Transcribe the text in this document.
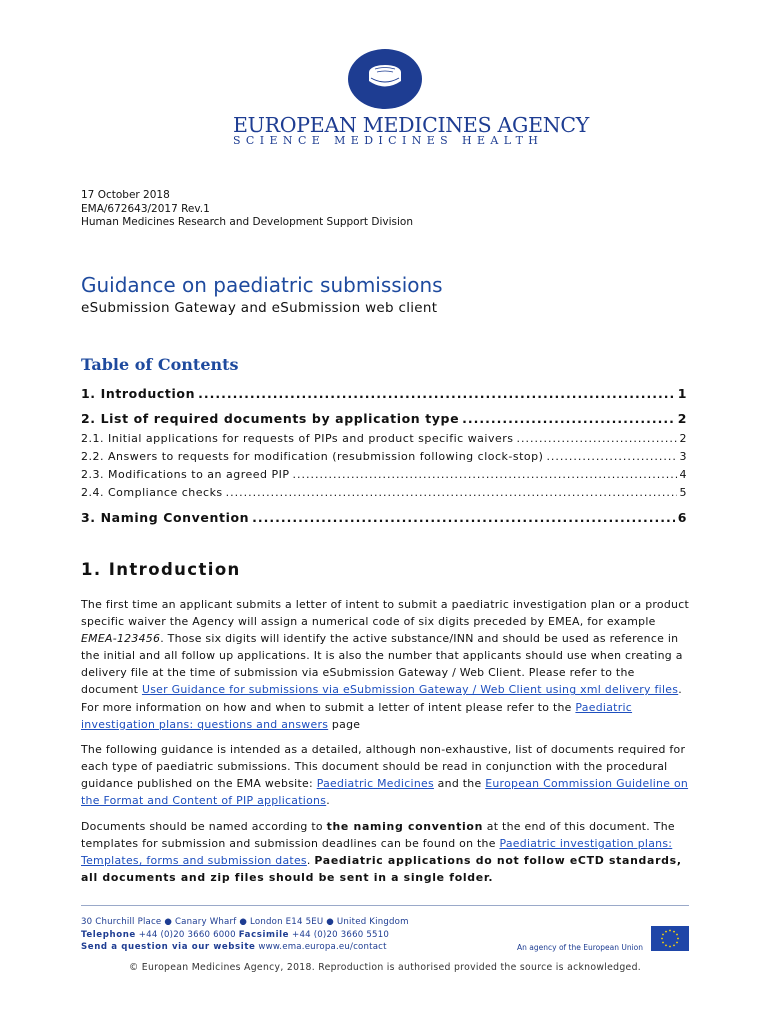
EUROPEAN MEDICINES AGENCY
SCIENCE MEDICINES HEALTH
17 October 2018
EMA/672643/2017 Rev.1
Human Medicines Research and Development Support Division
Guidance on paediatric submissions
eSubmission Gateway and eSubmission web client
Table of Contents
1. Introduction .....	1
2. List of required documents by application type .....	2
2.1. Initial applications for requests of PIPs and product specific waivers .....	2
2.2. Answers to requests for modification (resubmission following clock-stop) .....	3
2.3. Modifications to an agreed PIP .....	4
2.4. Compliance checks .....	5
3. Naming Convention .....	6
1. Introduction
The first time an applicant submits a letter of intent to submit a paediatric investigation plan or a product specific waiver the Agency will assign a numerical code of six digits preceded by EMEA, for example EMEA-123456. Those six digits will identify the active substance/INN and should be used as reference in the initial and all follow up applications. It is also the number that applicants should use when creating a delivery file at the time of submission via eSubmission Gateway / Web Client. Please refer to the document User Guidance for submissions via eSubmission Gateway / Web Client using xml delivery files. For more information on how and when to submit a letter of intent please refer to the Paediatric investigation plans: questions and answers page
The following guidance is intended as a detailed, although non-exhaustive, list of documents required for each type of paediatric submissions. This document should be read in conjunction with the procedural guidance published on the EMA website: Paediatric Medicines and the European Commission Guideline on the Format and Content of PIP applications.
Documents should be named according to the naming convention at the end of this document. The templates for submission and submission deadlines can be found on the Paediatric investigation plans: Templates, forms and submission dates. Paediatric applications do not follow eCTD standards, all documents and zip files should be sent in a single folder.
30 Churchill Place ● Canary Wharf ● London E14 5EU ● United Kingdom
Telephone +44 (0)20 3660 6000 Facsimile +44 (0)20 3660 5510
Send a question via our website www.ema.europa.eu/contact	An agency of the European Union
© European Medicines Agency, 2018. Reproduction is authorised provided the source is acknowledged.
